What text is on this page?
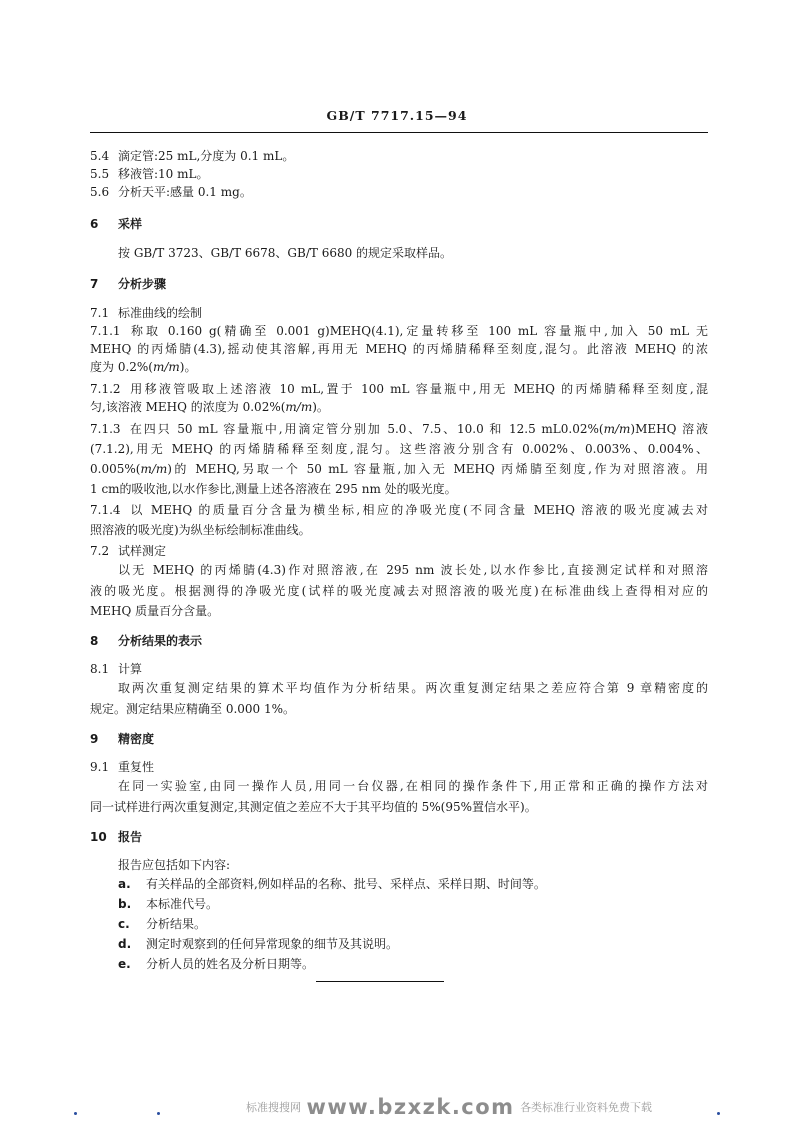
GB/T 7717.15—94
5.4 滴定管:25 mL,分度为 0.1 mL。
5.5 移液管:10 mL。
5.6 分析天平:感量 0.1 mg。
6 采样
按 GB/T 3723、GB/T 6678、GB/T 6680 的规定采取样品。
7 分析步骤
7.1 标准曲线的绘制
7.1.1 称取 0.160 g(精确至 0.001 g)MEHQ(4.1),定量转移至 100 mL 容量瓶中,加入 50 mL 无
MEHQ 的丙烯腈(4.3),摇动使其溶解,再用无 MEHQ 的丙烯腈稀释至刻度,混匀。此溶液 MEHQ 的浓
度为 0.2%(m/m)。
7.1.2 用移液管吸取上述溶液 10 mL,置于 100 mL 容量瓶中,用无 MEHQ 的丙烯腈稀释至刻度,混
匀,该溶液 MEHQ 的浓度为 0.02%(m/m)。
7.1.3 在四只 50 mL 容量瓶中,用滴定管分别加 5.0、7.5、10.0 和 12.5 mL0.02%(m/m)MEHQ 溶液
(7.1.2),用无 MEHQ 的丙烯腈稀释至刻度,混匀。这些溶液分别含有 0.002%、0.003%、0.004%、
0.005%(m/m)的 MEHQ,另取一个 50 mL 容量瓶,加入无 MEHQ 丙烯腈至刻度,作为对照溶液。用
1 cm的吸收池,以水作参比,测量上述各溶液在 295 nm 处的吸光度。
7.1.4 以 MEHQ 的质量百分含量为横坐标,相应的净吸光度(不同含量 MEHQ 溶液的吸光度减去对
照溶液的吸光度)为纵坐标绘制标准曲线。
7.2 试样测定
以无 MEHQ 的丙烯腈(4.3)作对照溶液,在 295 nm 波长处,以水作参比,直接测定试样和对照溶
液的吸光度。根据测得的净吸光度(试样的吸光度减去对照溶液的吸光度)在标准曲线上查得相对应的
MEHQ 质量百分含量。
8 分析结果的表示
8.1 计算
取两次重复测定结果的算术平均值作为分析结果。两次重复测定结果之差应符合第 9 章精密度的
规定。测定结果应精确至 0.000 1%。
9 精密度
9.1 重复性
在同一实验室,由同一操作人员,用同一台仪器,在相同的操作条件下,用正常和正确的操作方法对
同一试样进行两次重复测定,其测定值之差应不大于其平均值的 5%(95%置信水平)。
10 报告
报告应包括如下内容:
a. 有关样品的全部资料,例如样品的名称、批号、采样点、采样日期、时间等。
b. 本标准代号。
c. 分析结果。
d. 测定时观察到的任何异常现象的细节及其说明。
e. 分析人员的姓名及分析日期等。
标准搜搜网 www.bzxzk.com 各类标准行业资料免费下载
